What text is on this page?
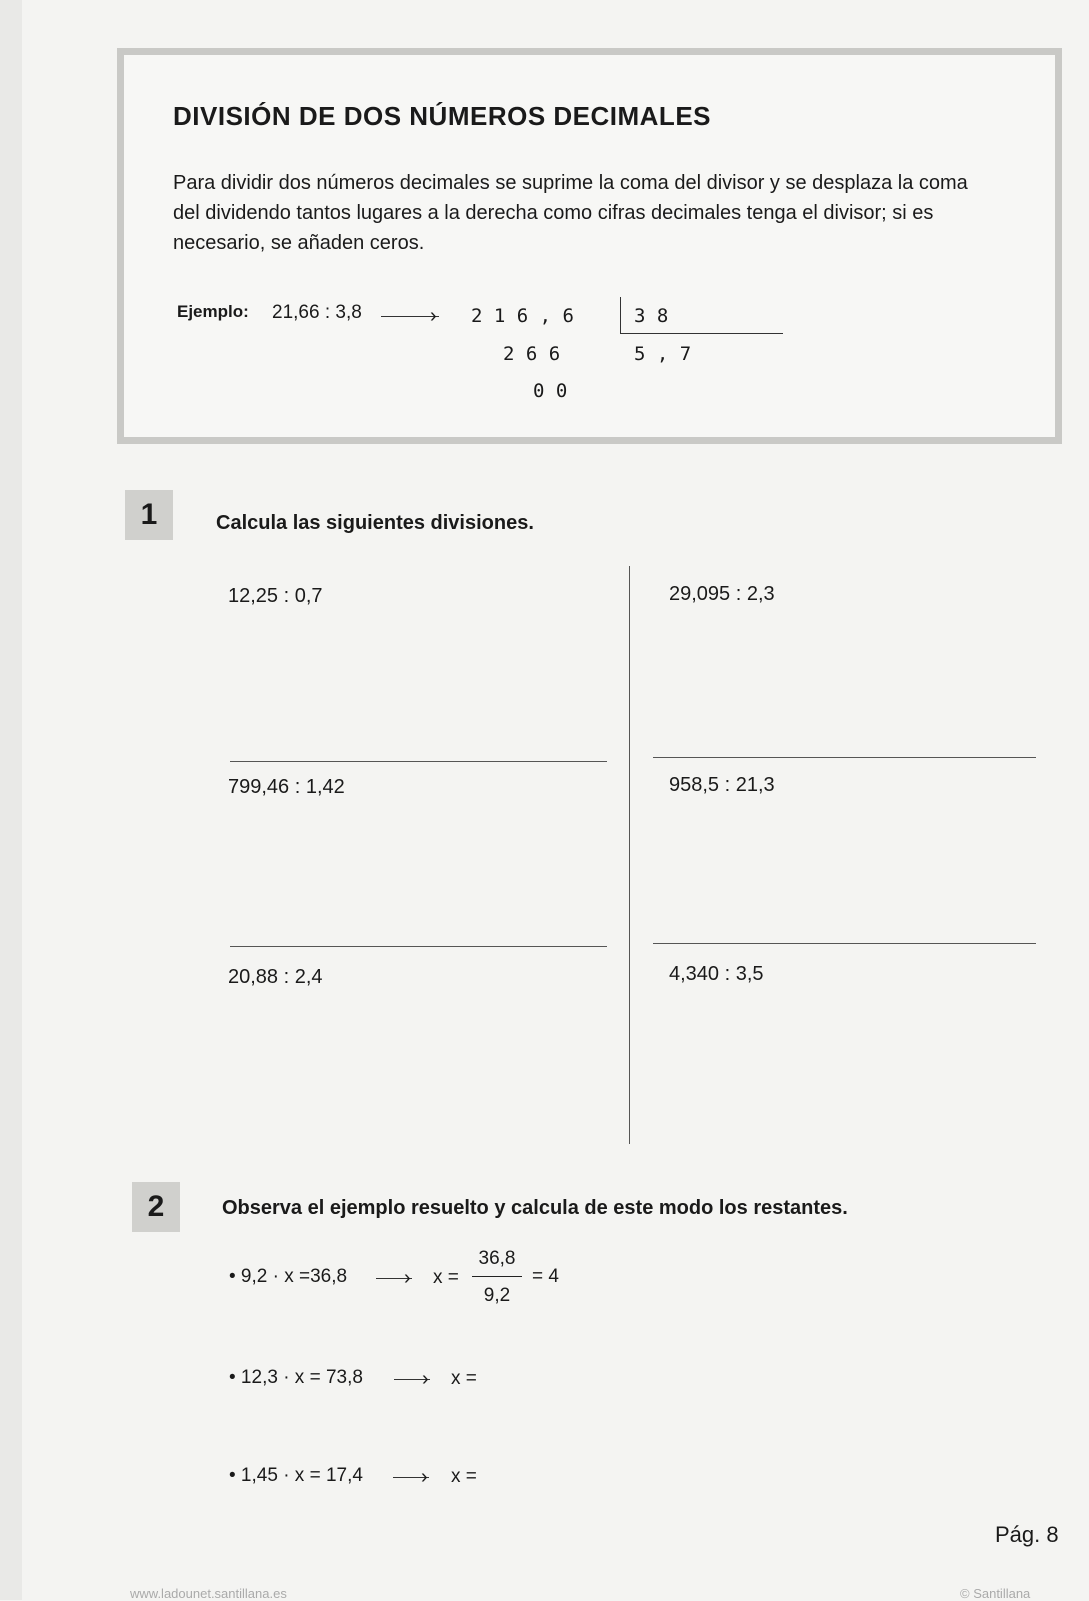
DIVISIÓN DE DOS NÚMEROS DECIMALES
Para dividir dos números decimales se suprime la coma del divisor y se desplaza la coma del dividendo tantos lugares a la derecha como cifras decimales tenga el divisor; si es necesario, se añaden ceros.
Ejemplo: 21,66 : 3,8	› 2 1 6 , 6	3 8
2 6 6	5 , 7
0 0
1	Calcula las siguientes divisiones.
12,25 : 0,7	29,095 : 2,3
799,46 : 1,42	958,5 : 21,3
20,88 : 2,4	4,340 : 3,5
2	Observa el ejemplo resuelto y calcula de este modo los restantes.
• 9,2 · x =36,8	› x =
36,8
9,2
= 4
• 12,3 · x = 73,8	› x =
• 1,45 · x = 17,4	› x =
Pág. 8
www.ladounet.santillana.es	© Santillana
